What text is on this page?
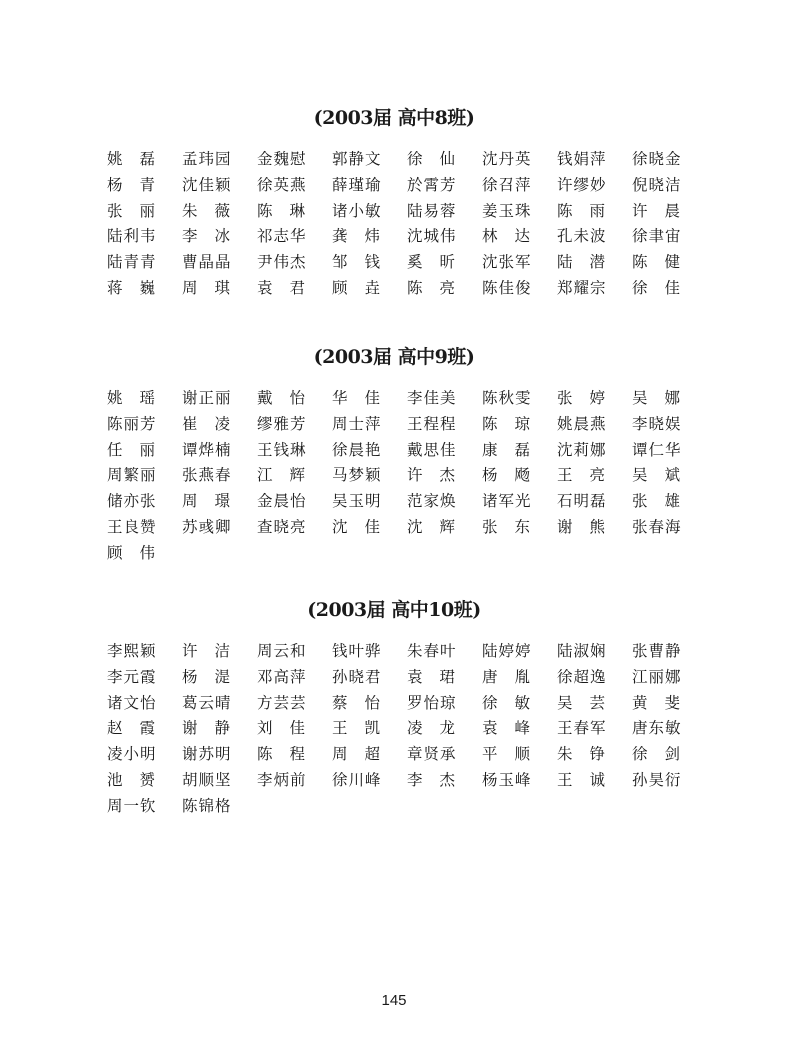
(2003届 高中8班)
姚 磊 孟玮园 金魏慰 郭静文 徐 仙 沈丹英 钱娟萍 徐晓金
杨 青 沈佳颖 徐英燕 薛瑾瑜 於霄芳 徐召萍 许缪妙 倪晓洁
张 丽 朱 薇 陈 琳 诸小敏 陆易蓉 姜玉珠 陈 雨 许 晨
陆利韦 李 冰 祁志华 龚 炜 沈城伟 林 达 孔未波 徐聿宙
陆青青 曹晶晶 尹伟杰 邹 钱 奚 昕 沈张军 陆 潜 陈 健
蒋 巍 周 琪 袁 君 顾 垚 陈 亮 陈佳俊 郑耀宗 徐 佳
(2003届 高中9班)
姚 瑶 谢正丽 戴 怡 华 佳 李佳美 陈秋雯 张 婷 吴 娜
陈丽芳 崔 凌 缪雅芳 周士萍 王程程 陈 琼 姚晨燕 李晓娱
任 丽 谭烨楠 王钱琳 徐晨艳 戴思佳 康 磊 沈莉娜 谭仁华
周繁丽 张燕春 江 辉 马梦颖 许 杰 杨 飏 王 亮 吴 斌
储亦张 周 璟 金晨怡 吴玉明 范家焕 诸军光 石明磊 张 雄
王良赞 苏彧卿 查晓亮 沈 佳 沈 辉 张 东 谢 熊 张春海
顾 伟
(2003届 高中10班)
李熙颖 许 洁 周云和 钱叶骅 朱春叶 陆婷婷 陆淑娴 张曹静
李元霞 杨 湜 邓高萍 孙晓君 袁 珺 唐 胤 徐超逸 江丽娜
诸文怡 葛云晴 方芸芸 蔡 怡 罗怡琼 徐 敏 吴 芸 黄 斐
赵 霞 谢 静 刘 佳 王 凯 凌 龙 袁 峰 王春军 唐东敏
凌小明 谢苏明 陈 程 周 超 章贤承 平 顺 朱 铮 徐 剑
池 赟 胡顺坚 李炳前 徐川峰 李 杰 杨玉峰 王 诚 孙昊衍
周一钦 陈锦格
145
